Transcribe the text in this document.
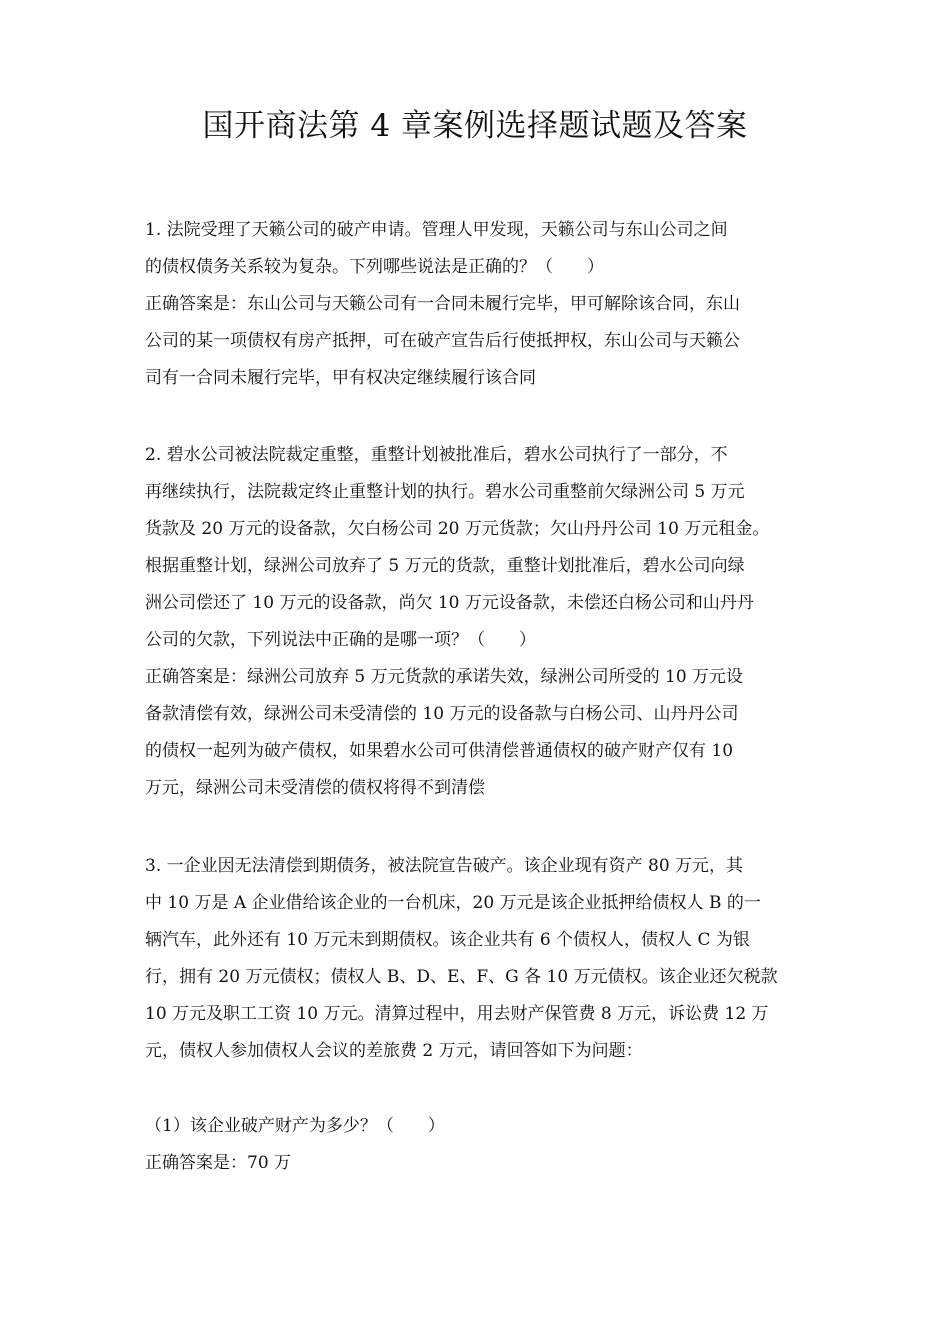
国开商法第 4 章案例选择题试题及答案
1. 法院受理了天籁公司的破产申请。管理人甲发现，天籁公司与东山公司之间
的债权债务关系较为复杂。下列哪些说法是正确的？（　　）
正确答案是：东山公司与天籁公司有一合同未履行完毕，甲可解除该合同，东山
公司的某一项债权有房产抵押，可在破产宣告后行使抵押权，东山公司与天籁公
司有一合同未履行完毕，甲有权决定继续履行该合同
2. 碧水公司被法院裁定重整，重整计划被批准后，碧水公司执行了一部分，不
再继续执行，法院裁定终止重整计划的执行。碧水公司重整前欠绿洲公司 5 万元
货款及 20 万元的设备款，欠白杨公司 20 万元货款；欠山丹丹公司 10 万元租金。
根据重整计划，绿洲公司放弃了 5 万元的货款，重整计划批准后，碧水公司向绿
洲公司偿还了 10 万元的设备款，尚欠 10 万元设备款，未偿还白杨公司和山丹丹
公司的欠款，下列说法中正确的是哪一项？（　　）
正确答案是：绿洲公司放弃 5 万元货款的承诺失效，绿洲公司所受的 10 万元设
备款清偿有效，绿洲公司未受清偿的 10 万元的设备款与白杨公司、山丹丹公司
的债权一起列为破产债权，如果碧水公司可供清偿普通债权的破产财产仅有 10
万元，绿洲公司未受清偿的债权将得不到清偿
3. 一企业因无法清偿到期债务，被法院宣告破产。该企业现有资产 80 万元，其
中 10 万是 A 企业借给该企业的一台机床，20 万元是该企业抵押给债权人 B 的一
辆汽车，此外还有 10 万元未到期债权。该企业共有 6 个债权人，债权人 C 为银
行，拥有 20 万元债权；债权人 B、D、E、F、G 各 10 万元债权。该企业还欠税款
10 万元及职工工资 10 万元。清算过程中，用去财产保管费 8 万元，诉讼费 12 万
元，债权人参加债权人会议的差旅费 2 万元，请回答如下为问题：
（1）该企业破产财产为多少？（　　）
正确答案是：70 万
